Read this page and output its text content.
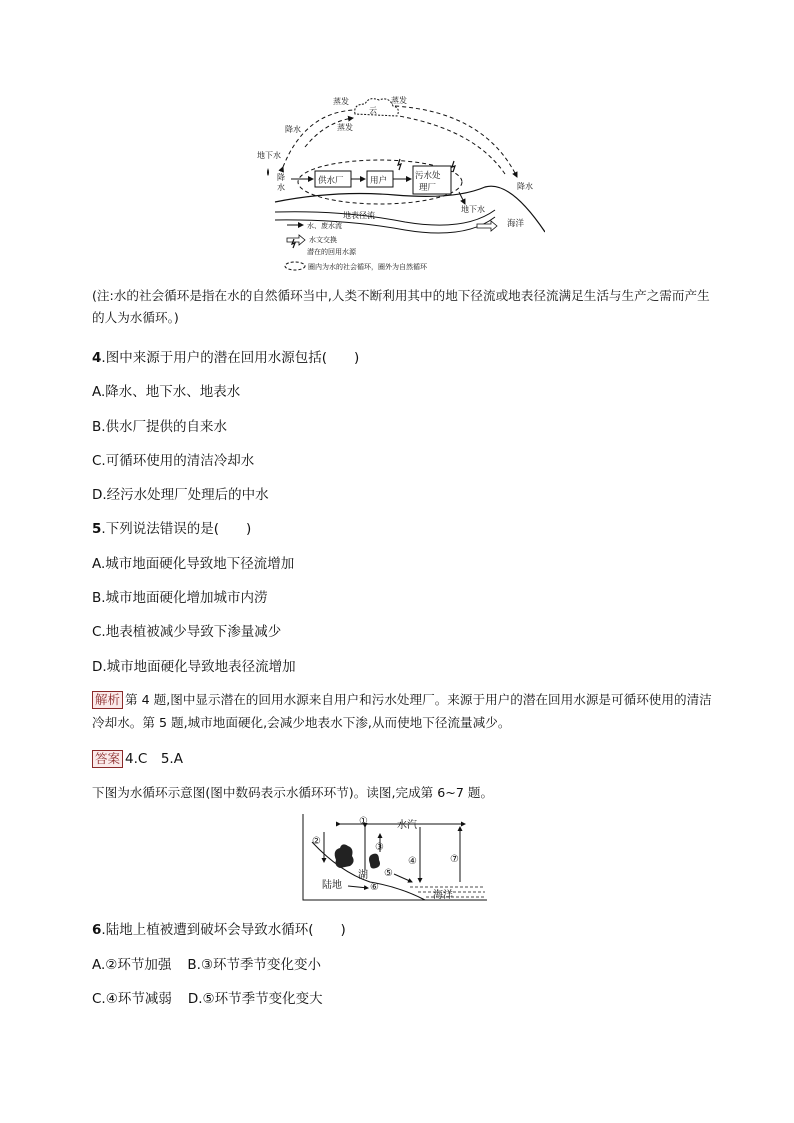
云
蒸发	蒸发
蒸发
降水
地下水
降
水
供水厂	用户	污水处
理厂
地下水
降水
地表径流
海洋
水、废水流
水文交换
潜在的回用水源
圈内为水的社会循环，圈外为自然循环
(注:水的社会循环是指在水的自然循环当中,人类不断利用其中的地下径流或地表径流满足生活与生产之需而产生的人为水循环。)
4.图中来源于用户的潜在回用水源包括(　　)
A.降水、地下水、地表水
B.供水厂提供的自来水
C.可循环使用的清洁冷却水
D.经污水处理厂处理后的中水
5.下列说法错误的是(　　)
A.城市地面硬化导致地下径流增加
B.城市地面硬化增加城市内涝
C.地表植被减少导致下渗量减少
D.城市地面硬化导致地表径流增加
解析 第 4 题,图中显示潜在的回用水源来自用户和污水处理厂。来源于用户的潜在回用水源是可循环使用的清洁冷却水。第 5 题,城市地面硬化,会减少地表水下渗,从而使地下径流量减少。
答案 4.C　5.A
下图为水循环示意图(图中数码表示水循环环节)。读图,完成第 6~7 题。
水汽
②
①
③
④	⑦
陆地
湖 ⑤
⑥
海洋
6.陆地上植被遭到破坏会导致水循环(　　)
A.②环节加强 B.③环节季节变化变小
C.④环节减弱 D.⑤环节季节变化变大
